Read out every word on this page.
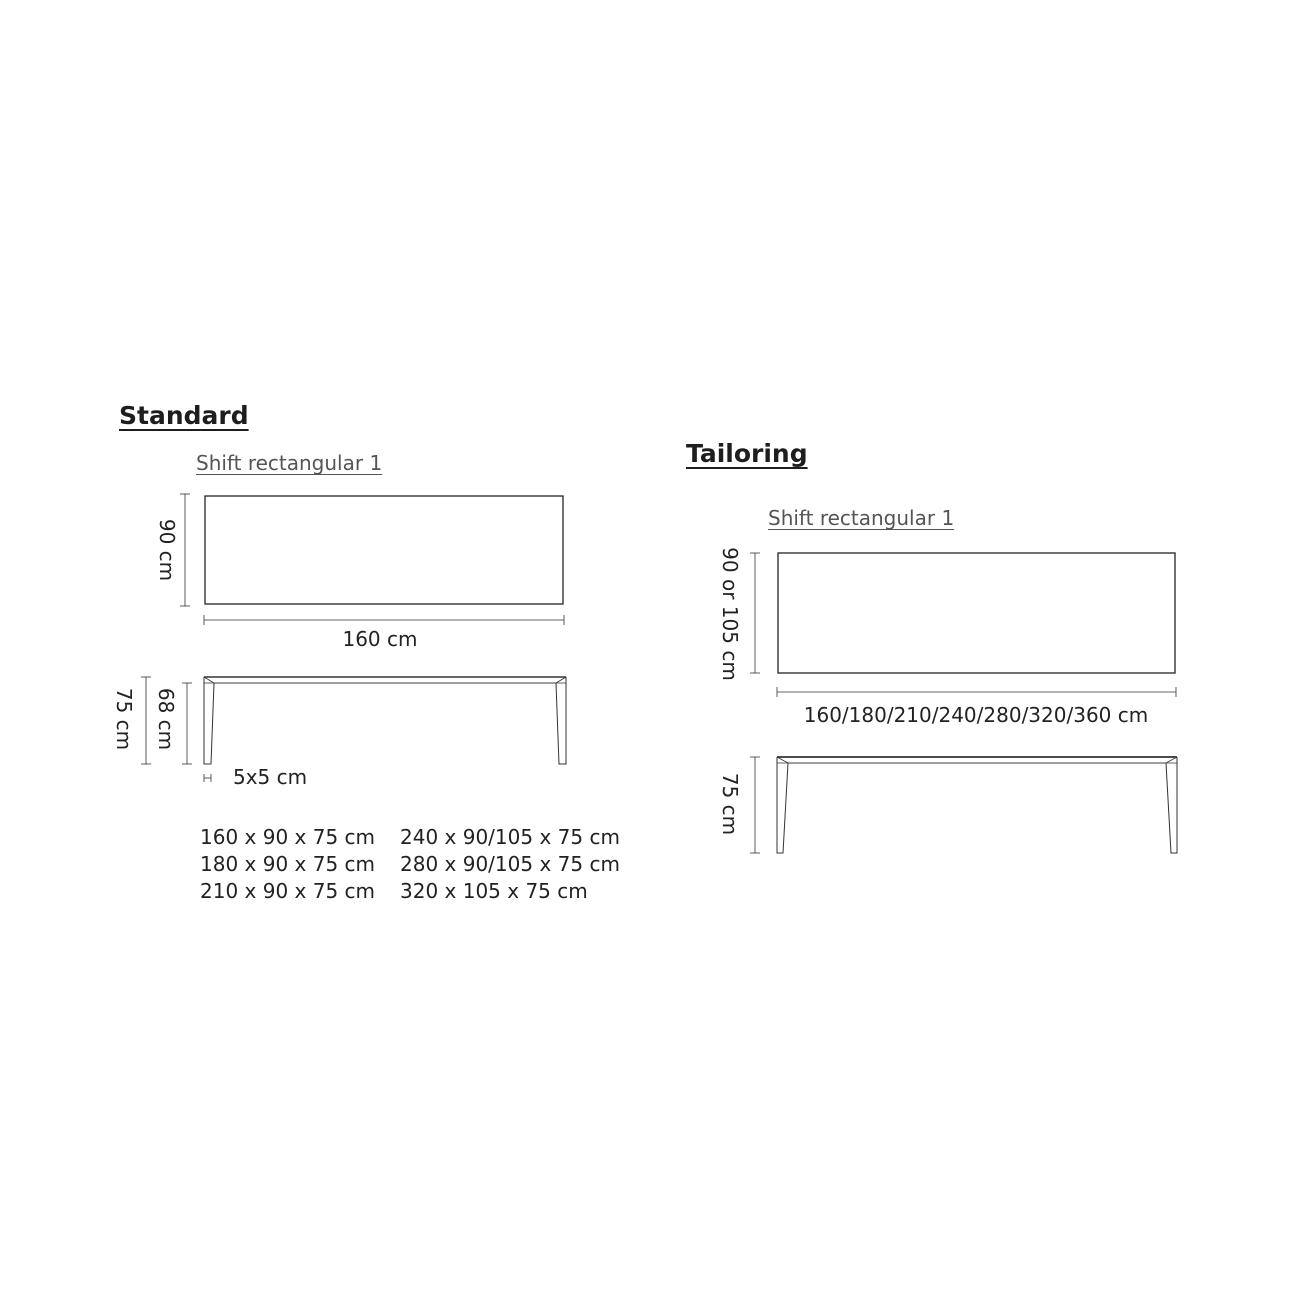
Standard
Shift rectangular 1
90 cm
160 cm
75 cm 68 cm
5x5 cm
160 x 90 x 75 cm
180 x 90 x 75 cm
210 x 90 x 75 cm
240 x 90/105 x 75 cm
280 x 90/105 x 75 cm
320 x 105 x 75 cm
Tailoring
Shift rectangular 1
90 or 105 cm
160/180/210/240/280/320/360 cm
75 cm
